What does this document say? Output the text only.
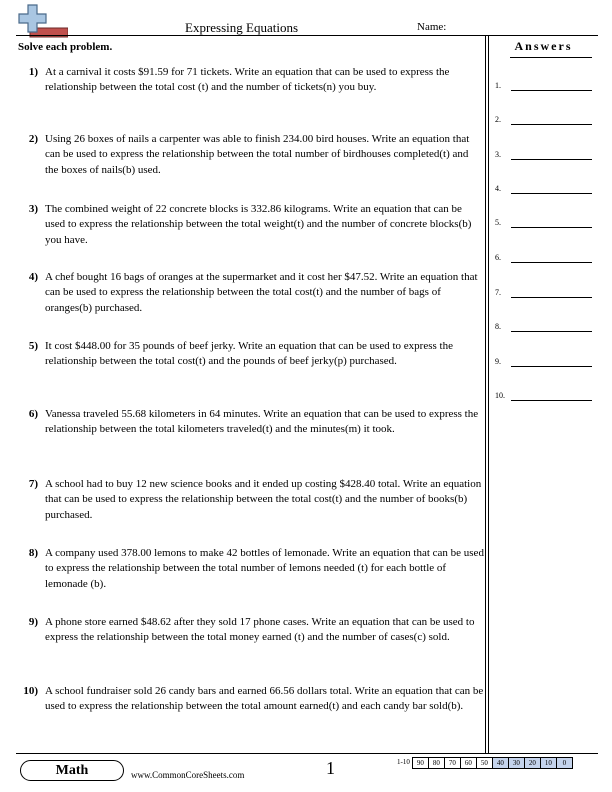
Expressing Equations	Name:
Solve each problem.
1) At a carnival it costs $91.59 for 71 tickets. Write an equation that can be used to express the relationship between the total cost (t) and the number of tickets(n) you buy.
2) Using 26 boxes of nails a carpenter was able to finish 234.00 bird houses. Write an equation that can be used to express the relationship between the total number of birdhouses completed(t) and the boxes of nails(b) used.
3) The combined weight of 22 concrete blocks is 332.86 kilograms. Write an equation that can be used to express the relationship between the total weight(t) and the number of concrete blocks(b) you have.
4) A chef bought 16 bags of oranges at the supermarket and it cost her $47.52. Write an equation that can be used to express the relationship between the total cost(t) and the number of bags of oranges(b) purchased.
5) It cost $448.00 for 35 pounds of beef jerky. Write an equation that can be used to express the relationship between the total cost(t) and the pounds of beef jerky(p) purchased.
6) Vanessa traveled 55.68 kilometers in 64 minutes. Write an equation that can be used to express the relationship between the total kilometers traveled(t) and the minutes(m) it took.
7) A school had to buy 12 new science books and it ended up costing $428.40 total. Write an equation that can be used to express the relationship between the total cost(t) and the number of books(b) purchased.
8) A company used 378.00 lemons to make 42 bottles of lemonade. Write an equation that can be used to express the relationship between the total number of lemons needed (t) for each bottle of lemonade (b).
9) A phone store earned $48.62 after they sold 17 phone cases. Write an equation that can be used to express the relationship between the total money earned (t) and the number of cases(c) sold.
10) A school fundraiser sold 26 candy bars and earned 66.56 dollars total. Write an equation that can be used to express the relationship between the total amount earned(t) and each candy bar sold(b).
Answers
1.
2.
3.
4.
5.
6.
7.
8.
9.
10.
Math	www.CommonCoreSheets.com	1	1-10	90	80	70	60	50	40	30	20	10	0
